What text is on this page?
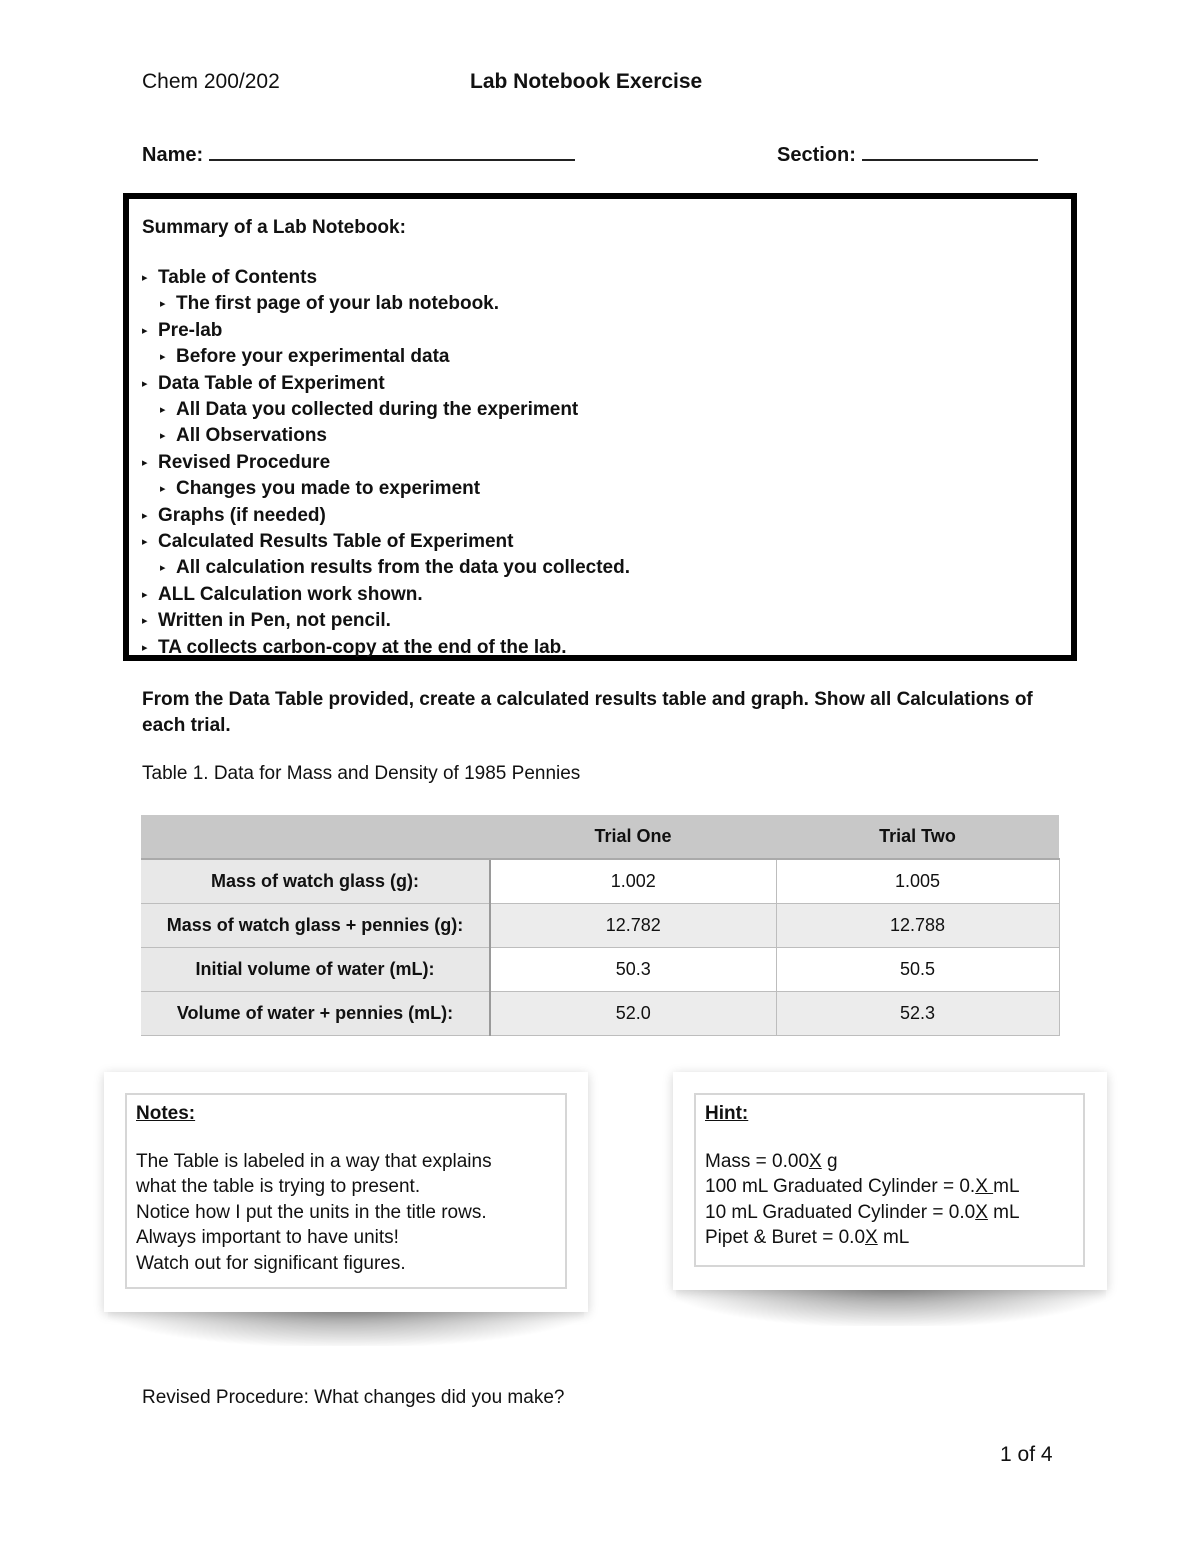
Chem 200/202	Lab Notebook Exercise
Name:	Section:
Summary of a Lab Notebook:
▸ Table of Contents
▸ The first page of your lab notebook.
▸ Pre-lab
▸ Before your experimental data
▸ Data Table of Experiment
▸ All Data you collected during the experiment
▸ All Observations
▸ Revised Procedure
▸ Changes you made to experiment
▸ Graphs (if needed)
▸ Calculated Results Table of Experiment
▸ All calculation results from the data you collected.
▸ ALL Calculation work shown.
▸ Written in Pen, not pencil.
▸ TA collects carbon-copy at the end of the lab.
From the Data Table provided, create a calculated results table and graph. Show all Calculations of each trial.
Table 1. Data for Mass and Density of 1985 Pennies
	Trial One	Trial Two
Mass of watch glass (g):	1.002	1.005
Mass of watch glass + pennies (g):	12.782	12.788
Initial volume of water (mL):	50.3	50.5
Volume of water + pennies (mL):	52.0	52.3
Notes:
The Table is labeled in a way that explains
what the table is trying to present.
Notice how I put the units in the title rows.
Always important to have units!
Watch out for significant figures.
Hint:
Mass = 0.00X g
100 mL Graduated Cylinder = 0.X mL
10 mL Graduated Cylinder = 0.0X mL
Pipet & Buret = 0.0X mL
Revised Procedure: What changes did you make?
1 of 4
